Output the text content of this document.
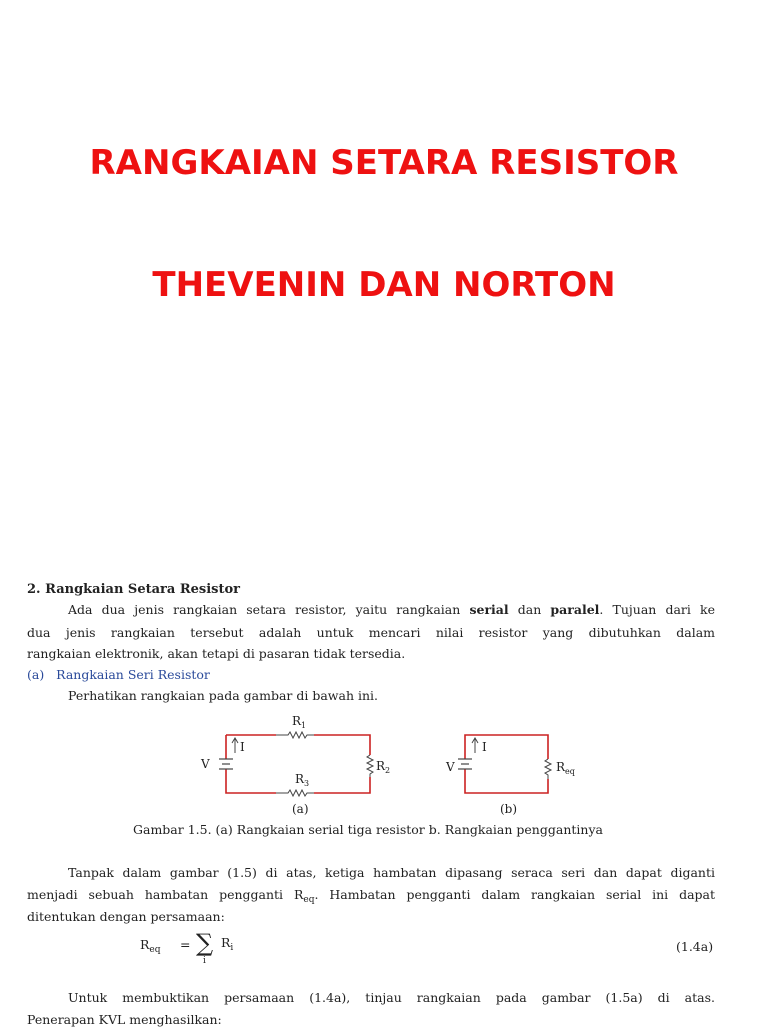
RANGKAIAN SETARA RESISTOR
THEVENIN DAN NORTON
2. Rangkaian Setara Resistor
Ada dua jenis rangkaian setara resistor, yaitu rangkaian serial dan paralel. Tujuan dari ke
dua jenis rangkaian tersebut adalah untuk mencari nilai resistor yang dibutuhkan dalam
rangkaian elektronik, akan tetapi di pasaran tidak tersedia.
(a)   Rangkaian Seri Resistor
Perhatikan rangkaian pada gambar di bawah ini.
I
V
R 1
R 2
R 3
(a)
I
V	R eq
(b)
Gambar 1.5. (a) Rangkaian serial tiga resistor b. Rangkaian penggantinya
Tanpak dalam gambar (1.5) di atas, ketiga hambatan dipasang seraca seri dan dapat diganti
menjadi sebuah hambatan pengganti $R_{eq}$. Hambatan pengganti dalam rangkaian serial ini dapat
ditentukan dengan persamaan:
$R_{eq}$ = ∑
i
$R_i$	(1.4a)
Untuk membuktikan persamaan (1.4a), tinjau rangkaian pada gambar (1.5a) di atas.
Penerapan KVL menghasilkan:
